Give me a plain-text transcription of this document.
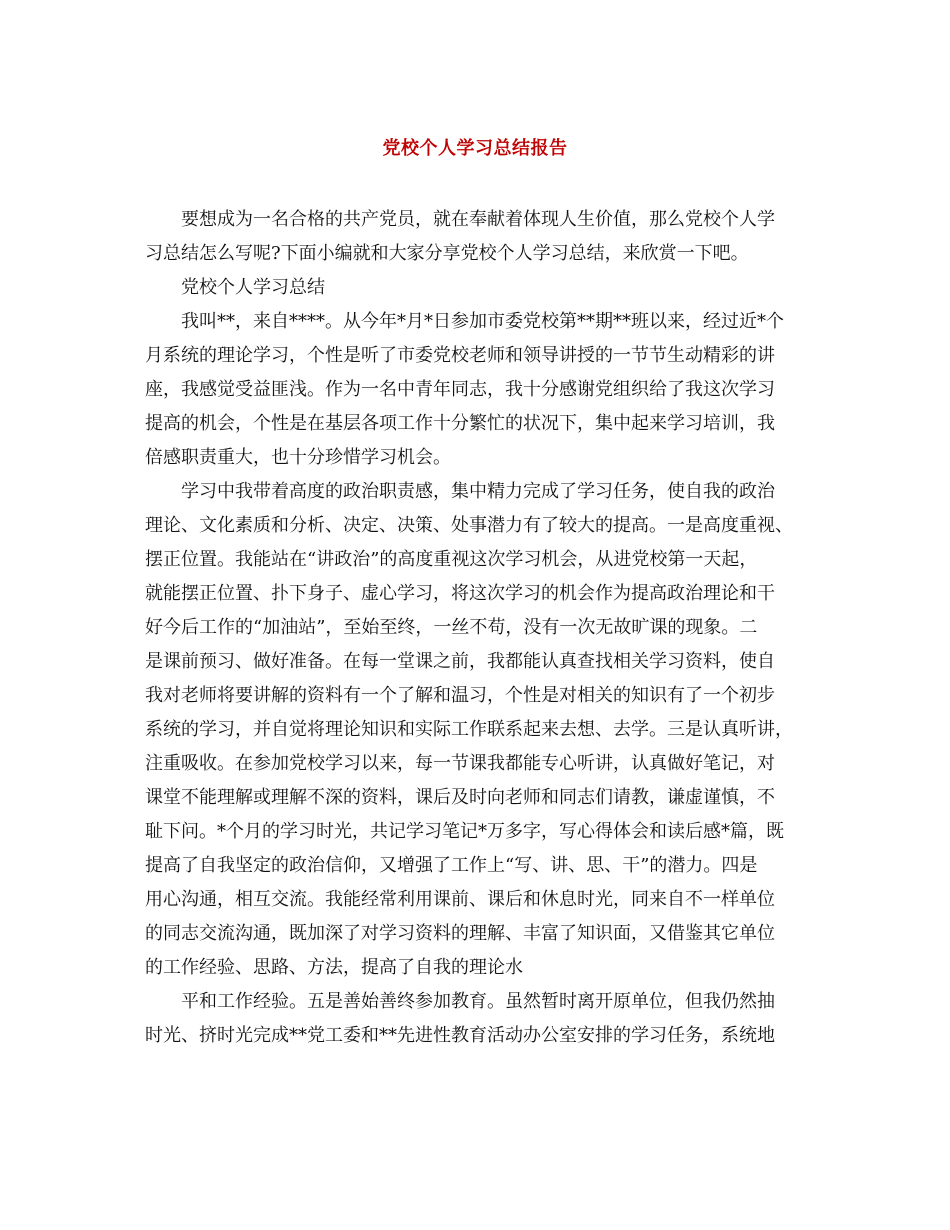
党校个人学习总结报告

要想成为一名合格的共产党员，就在奉献着体现人生价值，那么党校个人学
习总结怎么写呢?下面小编就和大家分享党校个人学习总结，来欣赏一下吧。

党校个人学习总结

我叫**，来自****。从今年*月*日参加市委党校第**期**班以来，经过近*个
月系统的理论学习，个性是听了市委党校老师和领导讲授的一节节生动精彩的讲
座，我感觉受益匪浅。作为一名中青年同志，我十分感谢党组织给了我这次学习
提高的机会，个性是在基层各项工作十分繁忙的状况下，集中起来学习培训，我
倍感职责重大，也十分珍惜学习机会。

学习中我带着高度的政治职责感，集中精力完成了学习任务，使自我的政治
理论、文化素质和分析、决定、决策、处事潜力有了较大的提高。一是高度重视、
摆正位置。我能站在“讲政治”的高度重视这次学习机会，从进党校第一天起，
就能摆正位置、扑下身子、虚心学习，将这次学习的机会作为提高政治理论和干
好今后工作的“加油站”，至始至终，一丝不苟，没有一次无故旷课的现象。二
是课前预习、做好准备。在每一堂课之前，我都能认真查找相关学习资料，使自
我对老师将要讲解的资料有一个了解和温习，个性是对相关的知识有了一个初步
系统的学习，并自觉将理论知识和实际工作联系起来去想、去学。三是认真听讲，
注重吸收。在参加党校学习以来，每一节课我都能专心听讲，认真做好笔记，对
课堂不能理解或理解不深的资料，课后及时向老师和同志们请教，谦虚谨慎，不
耻下问。*个月的学习时光，共记学习笔记*万多字，写心得体会和读后感*篇，既
提高了自我坚定的政治信仰，又增强了工作上“写、讲、思、干”的潜力。四是
用心沟通，相互交流。我能经常利用课前、课后和休息时光，同来自不一样单位
的同志交流沟通，既加深了对学习资料的理解、丰富了知识面，又借鉴其它单位
的工作经验、思路、方法，提高了自我的理论水

平和工作经验。五是善始善终参加教育。虽然暂时离开原单位，但我仍然抽
时光、挤时光完成**党工委和**先进性教育活动办公室安排的学习任务，系统地
